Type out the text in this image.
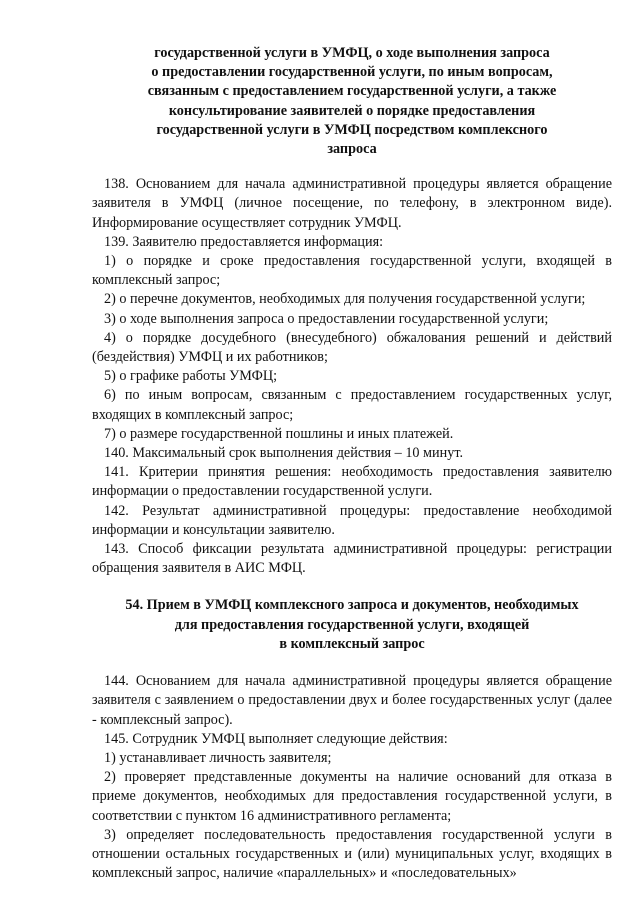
государственной услуги в УМФЦ, о ходе выполнения запроса
о предоставлении государственной услуги, по иным вопросам,
связанным с предоставлением государственной услуги, а также
консультирование заявителей о порядке предоставления
государственной услуги в УМФЦ посредством комплексного
запроса

138. Основанием для начала административной процедуры является обращение заявителя в УМФЦ (личное посещение, по телефону, в электронном виде). Информирование осуществляет сотрудник УМФЦ.

139. Заявителю предоставляется информация:

1) о порядке и сроке предоставления государственной услуги, входящей в комплексный запрос;

2) о перечне документов, необходимых для получения государственной услуги;

3) о ходе выполнения запроса о предоставлении государственной услуги;

4) о порядке досудебного (внесудебного) обжалования решений и действий (бездействия) УМФЦ и их работников;

5) о графике работы УМФЦ;

6) по иным вопросам, связанным с предоставлением государственных услуг, входящих в комплексный запрос;

7) о размере государственной пошлины и иных платежей.

140. Максимальный срок выполнения действия – 10 минут.

141. Критерии принятия решения: необходимость предоставления заявителю информации о предоставлении государственной услуги.

142. Результат административной процедуры: предоставление необходимой информации и консультации заявителю.

143. Способ фиксации результата административной процедуры: регистрации обращения заявителя в АИС МФЦ.

54. Прием в УМФЦ комплексного запроса и документов, необходимых
для предоставления государственной услуги, входящей
в комплексный запрос

144. Основанием для начала административной процедуры является обращение заявителя с заявлением о предоставлении двух и более государственных услуг (далее - комплексный запрос).

145. Сотрудник УМФЦ выполняет следующие действия:

1) устанавливает личность заявителя;

2) проверяет представленные документы на наличие оснований для отказа в приеме документов, необходимых для предоставления государственной услуги, в соответствии с пунктом 16 административного регламента;

3) определяет последовательность предоставления государственной услуги в отношении остальных государственных и (или) муниципальных услуг, входящих в комплексный запрос, наличие «параллельных» и «последовательных»
